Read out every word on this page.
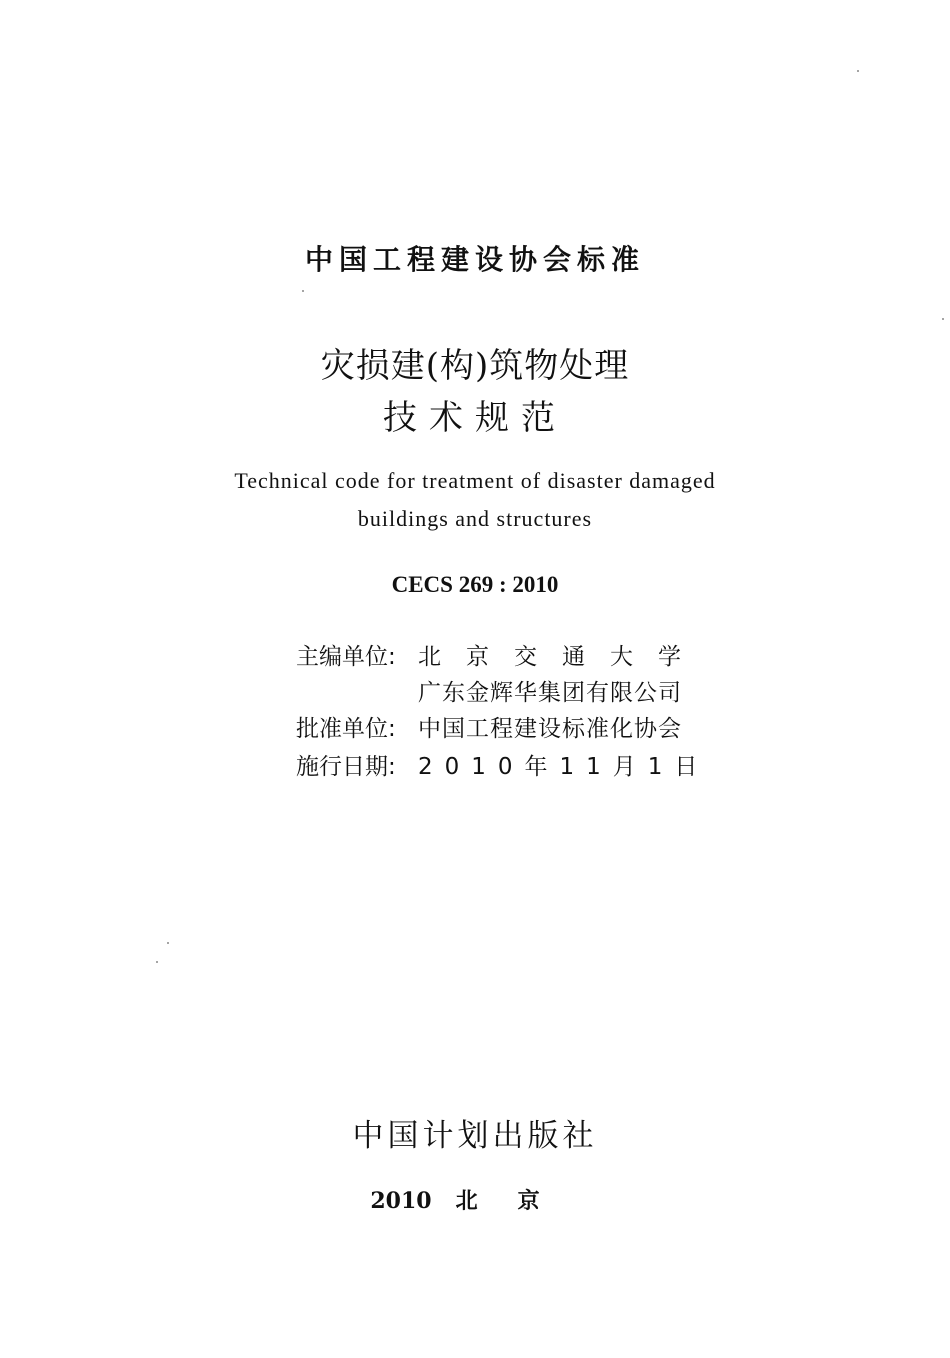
中国工程建设协会标准
灾损建(构)筑物处理
技术规范
Technical code for treatment of disaster damaged
buildings and structures
CECS 269 : 2010
主编单位: 北京交通大学
广东金辉华集团有限公司
批准单位: 中国工程建设标准化协会
施行日期: 2010年11月1日
中国计划出版社
2010 北京
